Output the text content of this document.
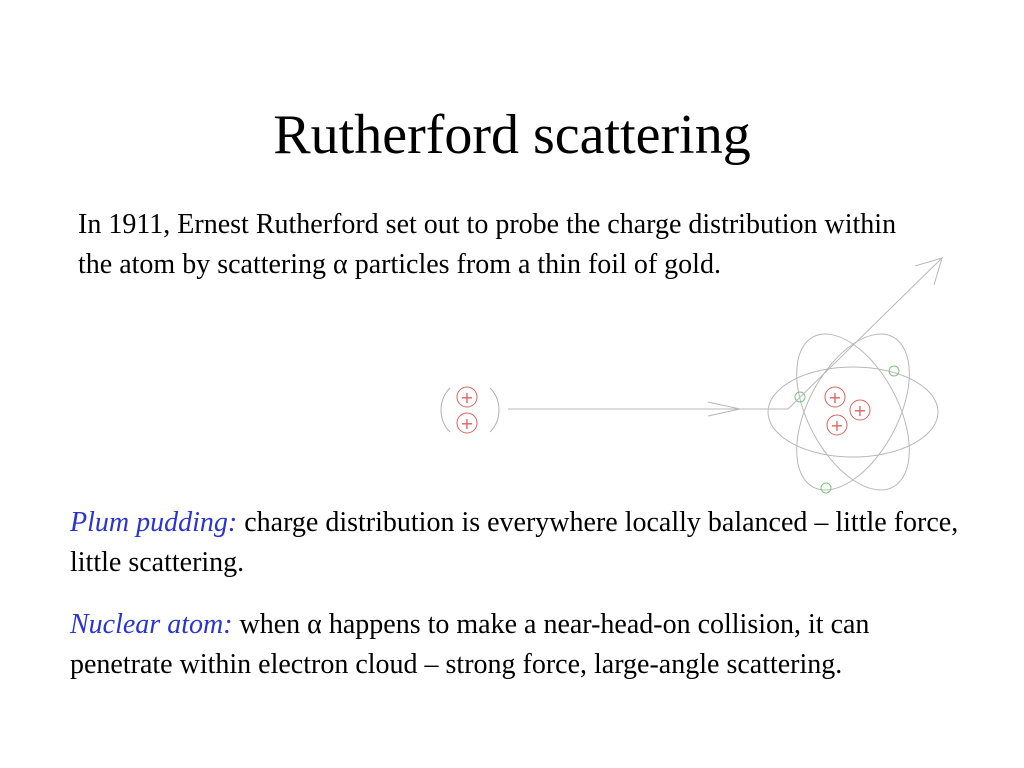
Rutherford scattering

In 1911, Ernest Rutherford set out to probe the charge distribution within the atom by scattering α particles from a thin foil of gold.

+
+
+
+
+

Plum pudding: charge distribution is everywhere locally balanced – little force, little scattering.

Nuclear atom: when α happens to make a near-head-on collision, it can penetrate within electron cloud – strong force, large-angle scattering.
